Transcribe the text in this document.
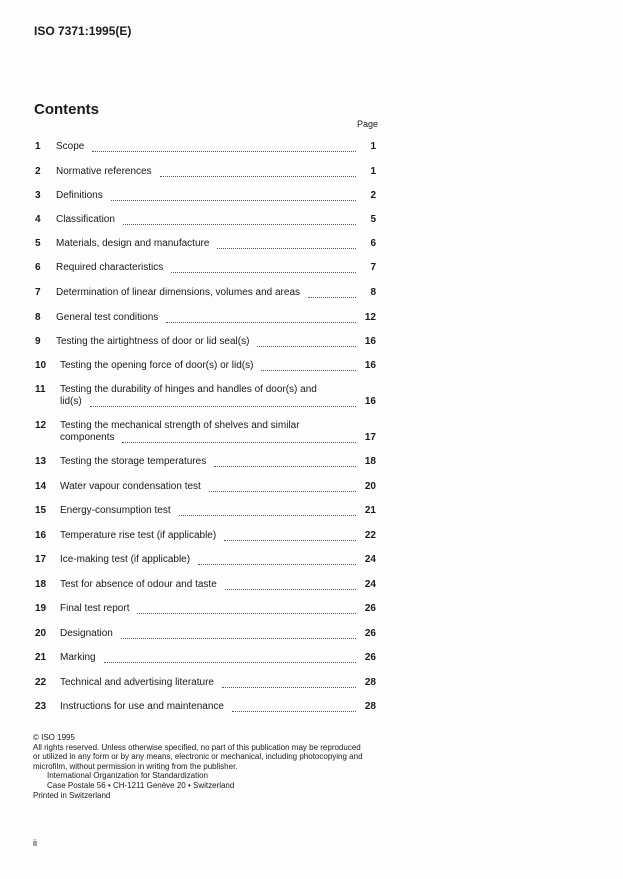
ISO 7371:1995(E)
Contents
Page
1	Scope	1
2	Normative references	1
3	Definitions	2
4	Classification	5
5	Materials, design and manufacture	6
6	Required characteristics	7
7	Determination of linear dimensions, volumes and areas	8
8	General test conditions	12
9	Testing the airtightness of door or lid seal(s)	16
10	Testing the opening force of door(s) or lid(s)	16
11	Testing the durability of hinges and handles of door(s) and
lid(s)	16
12	Testing the mechanical strength of shelves and similar
components	17
13	Testing the storage temperatures	18
14	Water vapour condensation test	20
15	Energy-consumption test	21
16	Temperature rise test (if applicable)	22
17	Ice-making test (if applicable)	24
18	Test for absence of odour and taste	24
19	Final test report	26
20	Designation	26
21	Marking	26
22	Technical and advertising literature	28
23	Instructions for use and maintenance	28
© ISO 1995
All rights reserved. Unless otherwise specified, no part of this publication may be reproduced
or utilized in any form or by any means, electronic or mechanical, including photocopying and
microfilm, without permission in writing from the publisher.
International Organization for Standardization
Case Postale 56 • CH-1211 Genève 20 • Switzerland
Printed in Switzerland
ii
